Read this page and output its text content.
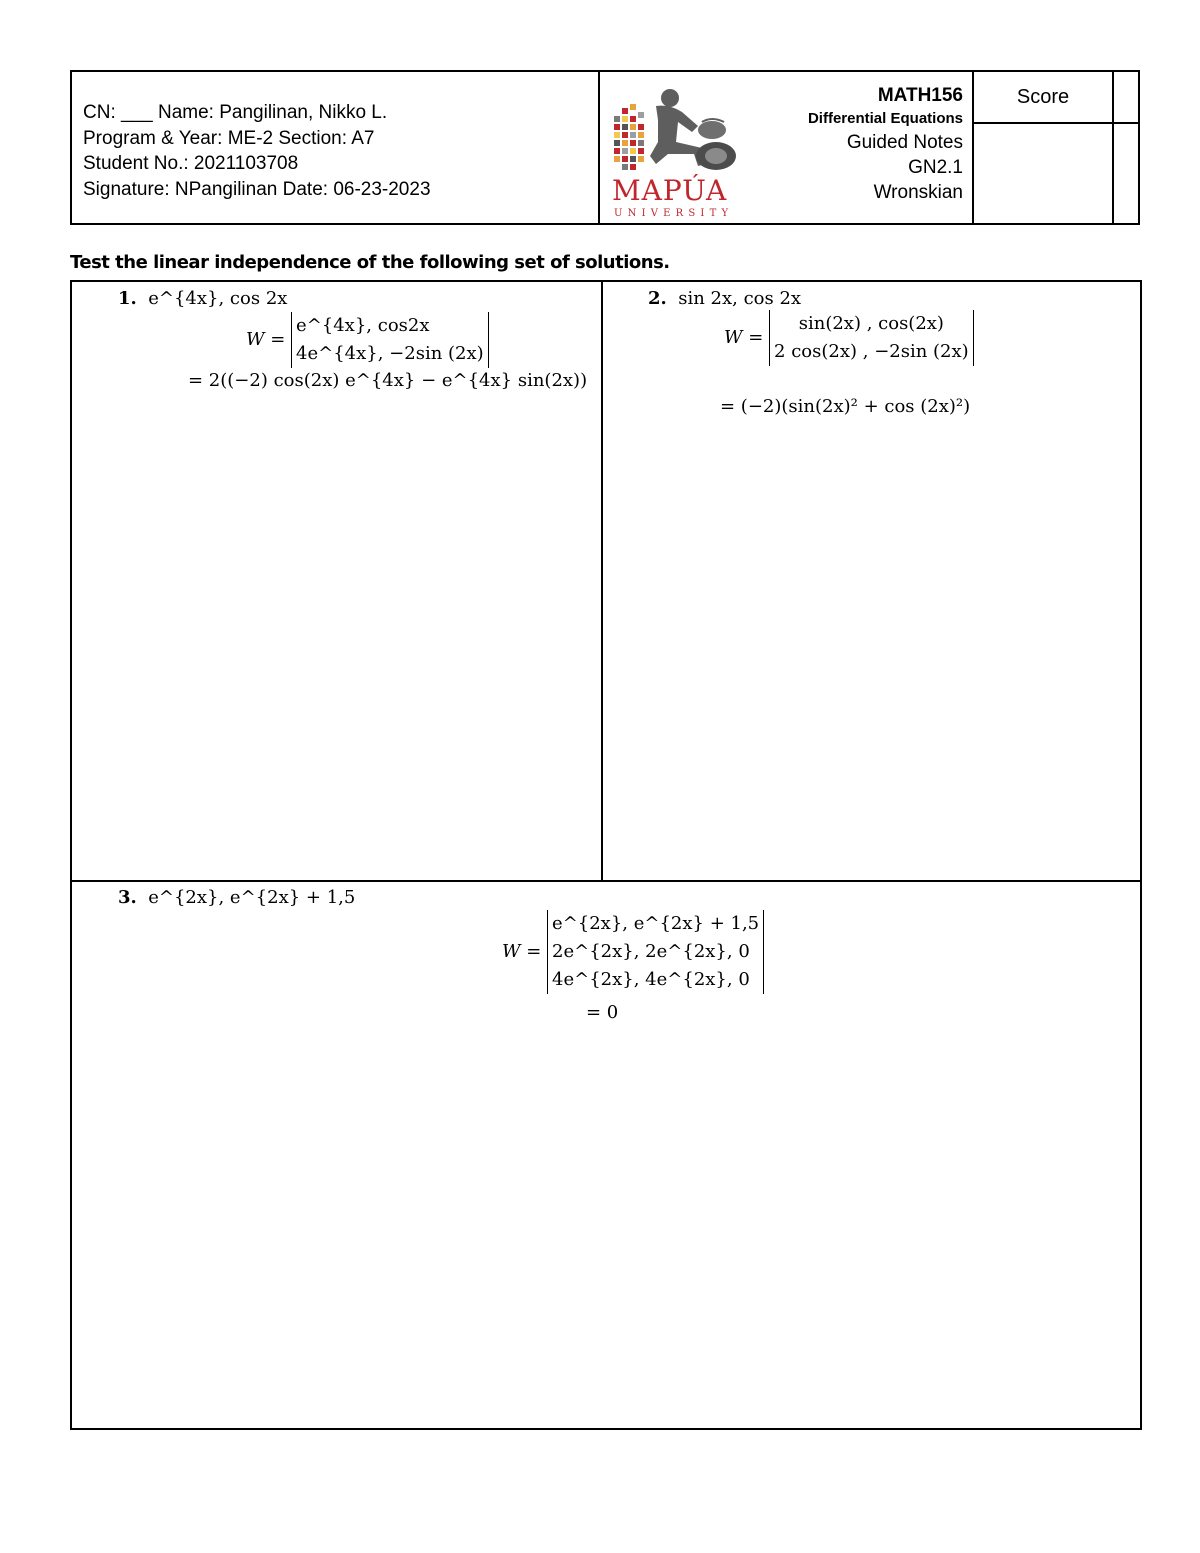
CN: ___ Name: Pangilinan, Nikko L.
Program & Year: ME-2 Section: A7
Student No.: 2021103708
Signature: NPangilinan Date: 06-23-2023	MAPÚA
UNIVERSITY
MATH156
Differential Equations
Guided Notes
GN2.1
Wronskian
Score
Test the linear independence of the following set of solutions.
1. e^{4x}, cos 2x
W =
e^{4x}, cos2x
4e^{4x}, −2sin (2x)
= 2((−2) cos(2x) e^{4x} − e^{4x} sin(2x))
2. sin 2x, cos 2x
W =
sin(2x) , cos(2x)
2 cos(2x) , −2sin (2x)
= (−2)(sin(2x)² + cos (2x)²)
3. e^{2x}, e^{2x} + 1,5
W =
e^{2x}, e^{2x} + 1,5
2e^{2x}, 2e^{2x}, 0
4e^{2x}, 4e^{2x}, 0
= 0
